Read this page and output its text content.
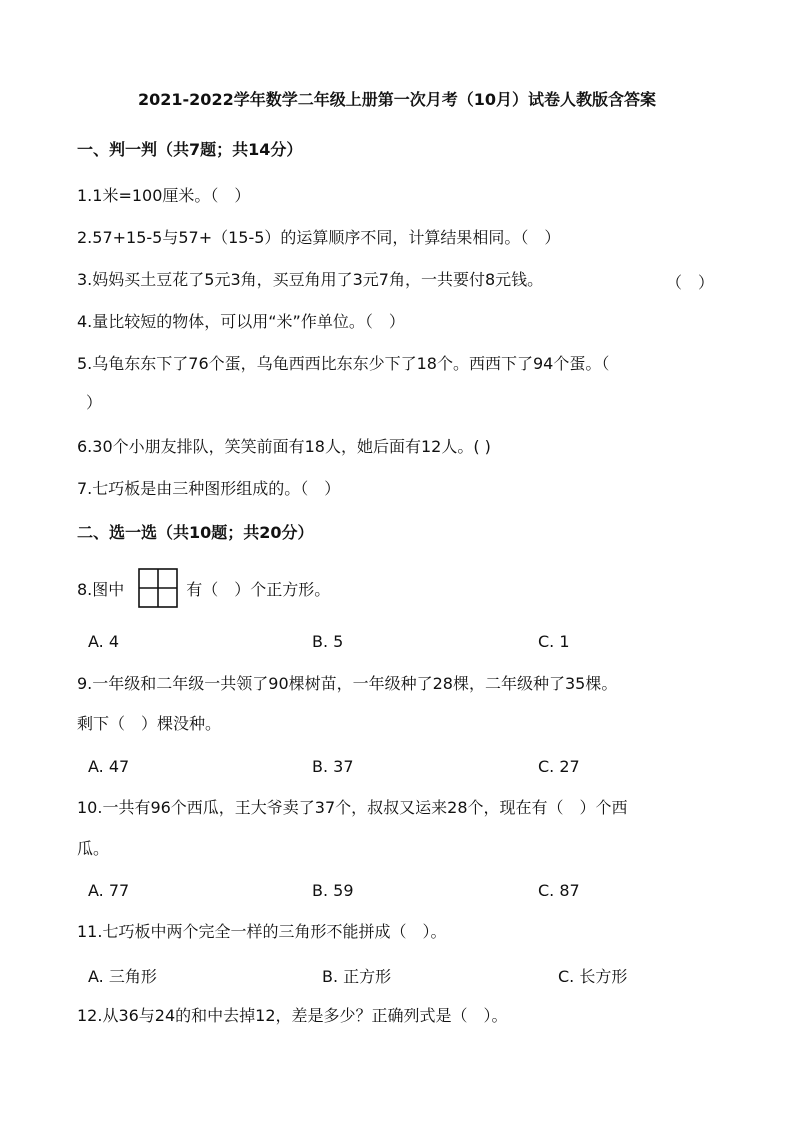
2021-2022学年数学二年级上册第一次月考（10月）试卷人教版含答案
一、判一判（共7题；共14分）
1.1米=100厘米。（　）
2.57+15-5与57+（15-5）的运算顺序不同，计算结果相同。（　）
3.妈妈买土豆花了5元3角，买豆角用了3元7角，一共要付8元钱。	（　）
4.量比较短的物体，可以用“米”作单位。（　）
5.乌龟东东下了76个蛋，乌龟西西比东东少下了18个。西西下了94个蛋。（
）
6.30个小朋友排队，笑笑前面有18人，她后面有12人。( )
7.七巧板是由三种图形组成的。（　）
二、选一选（共10题；共20分）
8.图中	有（　）个正方形。
A. 4	B. 5	C. 1
9.一年级和二年级一共领了90棵树苗，一年级种了28棵，二年级种了35棵。
剩下（　）棵没种。
A. 47	B. 37	C. 27
10.一共有96个西瓜，王大爷卖了37个，叔叔又运来28个，现在有（　）个西
瓜。
A. 77	B. 59	C. 87
11.七巧板中两个完全一样的三角形不能拼成（　）。
A. 三角形	B. 正方形	C. 长方形
12.从36与24的和中去掉12，差是多少？正确列式是（　）。
